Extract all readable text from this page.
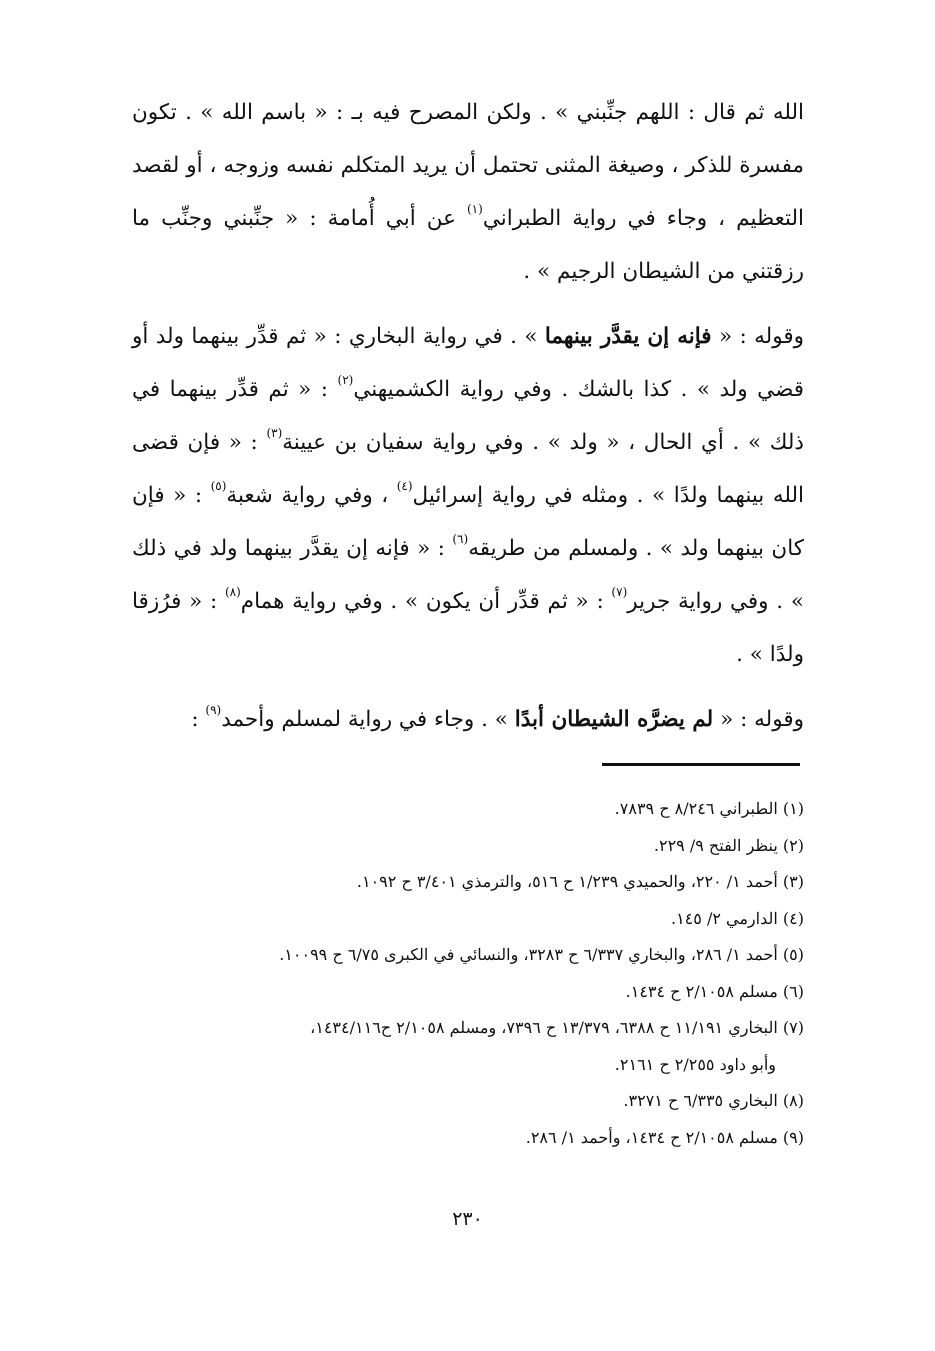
الله ثم قال : اللهم جنِّبني » . ولكن المصرح فيه بـ : « باسم الله » . تكون مفسرة للذكر ، وصيغة المثنى تحتمل أن يريد المتكلم نفسه وزوجه ، أو لقصد التعظيم ، وجاء في رواية الطبراني$^{(١)}$ عن أبي أُمامة : « جنِّبني وجنِّب ما رزقتني من الشيطان الرجيم » .

وقوله : « فإنه إن يقدَّر بينهما » . في رواية البخاري : « ثم قدِّر بينهما ولد أو قضي ولد » . كذا بالشك . وفي رواية الكشميهني$^{(٢)}$ : « ثم قدِّر بينهما في ذلك » . أي الحال ، « ولد » . وفي رواية سفيان بن عيينة$^{(٣)}$ : « فإن قضى الله بينهما ولدًا » . ومثله في رواية إسرائيل$^{(٤)}$ ، وفي رواية شعبة$^{(٥)}$ : « فإن كان بينهما ولد » . ولمسلم من طريقه$^{(٦)}$ : « فإنه إن يقدَّر بينهما ولد في ذلك » . وفي رواية جرير$^{(٧)}$ : « ثم قدِّر أن يكون » . وفي رواية همام$^{(٨)}$ : « فرُزقا ولدًا » .

وقوله : « لم يضرَّه الشيطان أبدًا » . وجاء في رواية لمسلم وأحمد$^{(٩)}$ :

(١) الطبراني ٨/٢٤٦ ح ٧٨٣٩.

(٢) ينظر الفتح ٩/ ٢٢٩.

(٣) أحمد ١/ ٢٢٠، والحميدي ١/٢٣٩ ح ٥١٦، والترمذي ٣/٤٠١ ح ١٠٩٢.

(٤) الدارمي ٢/ ١٤٥.

(٥) أحمد ١/ ٢٨٦، والبخاري ٦/٣٣٧ ح ٣٢٨٣، والنسائي في الكبرى ٦/٧٥ ح ١٠٠٩٩.

(٦) مسلم ٢/١٠٥٨ ح ١٤٣٤.

(٧) البخاري ١١/١٩١ ح ٦٣٨٨، ١٣/٣٧٩ ح ٧٣٩٦، ومسلم ٢/١٠٥٨ ح١٤٣٤/١١٦،
وأبو داود ٢/٢٥٥ ح ٢١٦١.

(٨) البخاري ٦/٣٣٥ ح ٣٢٧١.

(٩) مسلم ٢/١٠٥٨ ح ١٤٣٤، وأحمد ١/ ٢٨٦.

٢٣٠
